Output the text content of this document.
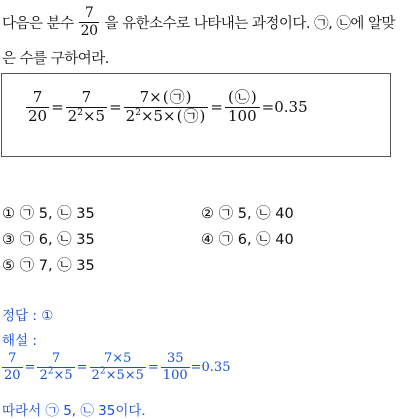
다음은 분수 $\frac{7}{20}$ 을 유한소수로 나타내는 과정이다. ㉠, ㉡에 알맞
은 수를 구하여라.
$\frac{7}{20} = \frac{7}{2^2\times 5} = \frac{7\times(㉠)}{2^2\times 5\times(㉠)} = \frac{(㉡)}{100} =0.35$
① ㉠ 5, ㉡ 35	② ㉠ 5, ㉡ 40
③ ㉠ 6, ㉡ 35	④ ㉠ 6, ㉡ 40
⑤ ㉠ 7, ㉡ 35
정답 : ①
해설 :
$\frac{7}{20} = \frac{7}{2^2\times 5} = \frac{7\times 5}{2^2\times 5\times 5} = \frac{35}{100} =0.35$
따라서 ㉠ 5, ㉡ 35이다.
